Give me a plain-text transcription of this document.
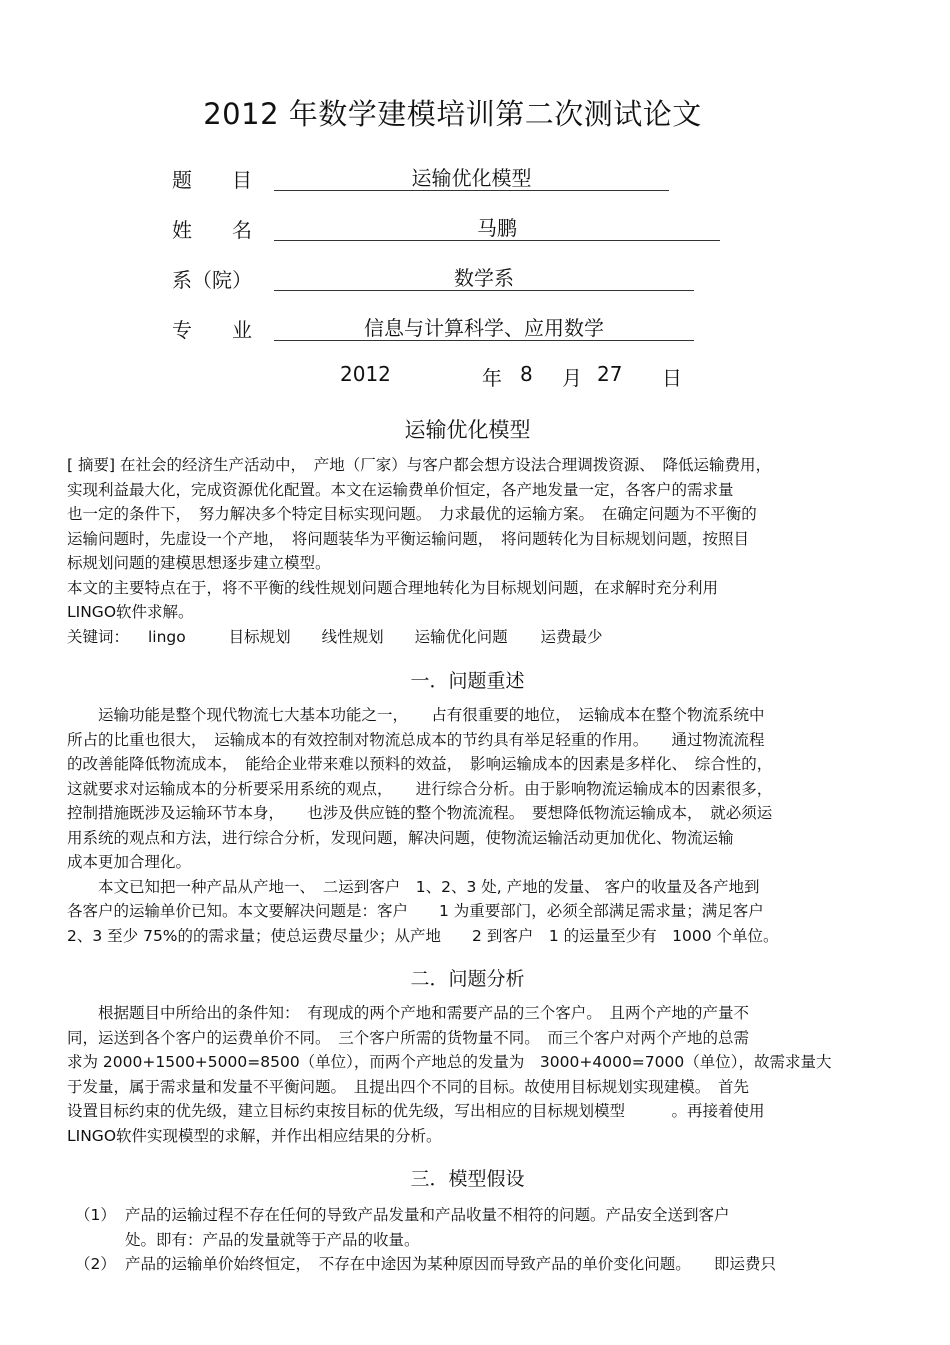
2012 年数学建模培训第二次测试论文
题　　目	运输优化模型
姓　　名	马鹏
系（院）	数学系
专　　业	信息与计算科学、应用数学
2012	年 8 月 27 日
运输优化模型
[ 摘要] 在社会的经济生产活动中，　产地（厂家）与客户都会想方设法合理调拨资源、　降低运输费用，
实现利益最大化，完成资源优化配置。本文在运输费单价恒定，各产地发量一定，各客户的需求量
也一定的条件下，　努力解决多个特定目标实现问题。　力求最优的运输方案。　在确定问题为不平衡的
运输问题时，先虚设一个产地，　将问题装华为平衡运输问题，　将问题转化为目标规划问题，按照目
标规划问题的建模思想逐步建立模型。
本文的主要特点在于，将不平衡的线性规划问题合理地转化为目标规划问题，在求解时充分利用
LINGO软件求解。
关键词： lingo	目标规划 线性规划 运输优化问题 运费最少
一．问题重述
　　运输功能是整个现代物流七大基本功能之一，　　占有很重要的地位，　运输成本在整个物流系统中
所占的比重也很大，　运输成本的有效控制对物流总成本的节约具有举足轻重的作用。　　通过物流流程
的改善能降低物流成本，　能给企业带来难以预料的效益，　影响运输成本的因素是多样化、　综合性的，
这就要求对运输成本的分析要采用系统的观点，　　进行综合分析。由于影响物流运输成本的因素很多，
控制措施既涉及运输环节本身，　　也涉及供应链的整个物流流程。　要想降低物流运输成本，　就必须运
用系统的观点和方法，进行综合分析，发现问题，解决问题，使物流运输活动更加优化、物流运输
成本更加合理化。
　　本文已知把一种产品从产地一、　二运到客户　1、2、3 处, 产地的发量、 客户的收量及各产地到
各客户的运输单价已知。本文要解决问题是：客户　　1 为重要部门，必须全部满足需求量；满足客户
2、3 至少 75%的的需求量；使总运费尽量少；从产地　　2 到客户　1 的运量至少有　1000 个单位。
二．问题分析
　　根据题目中所给出的条件知：　有现成的两个产地和需要产品的三个客户。　且两个产地的产量不
同，运送到各个客户的运费单价不同。　三个客户所需的货物量不同。　而三个客户对两个产地的总需
求为 2000+1500+5000=8500（单位），而两个产地总的发量为　3000+4000=7000（单位），故需求量大
于发量，属于需求量和发量不平衡问题。　且提出四个不同的目标。故使用目标规划实现建模。　首先
设置目标约束的优先级，建立目标约束按目标的优先级，写出相应的目标规划模型　　　。再接着使用
LINGO软件实现模型的求解，并作出相应结果的分析。
三．模型假设
（1） 产品的运输过程不存在任何的导致产品发量和产品收量不相符的问题。产品安全送到客户
处。即有：产品的发量就等于产品的收量。
（2） 产品的运输单价始终恒定，　不存在中途因为某种原因而导致产品的单价变化问题。　　即运费只
